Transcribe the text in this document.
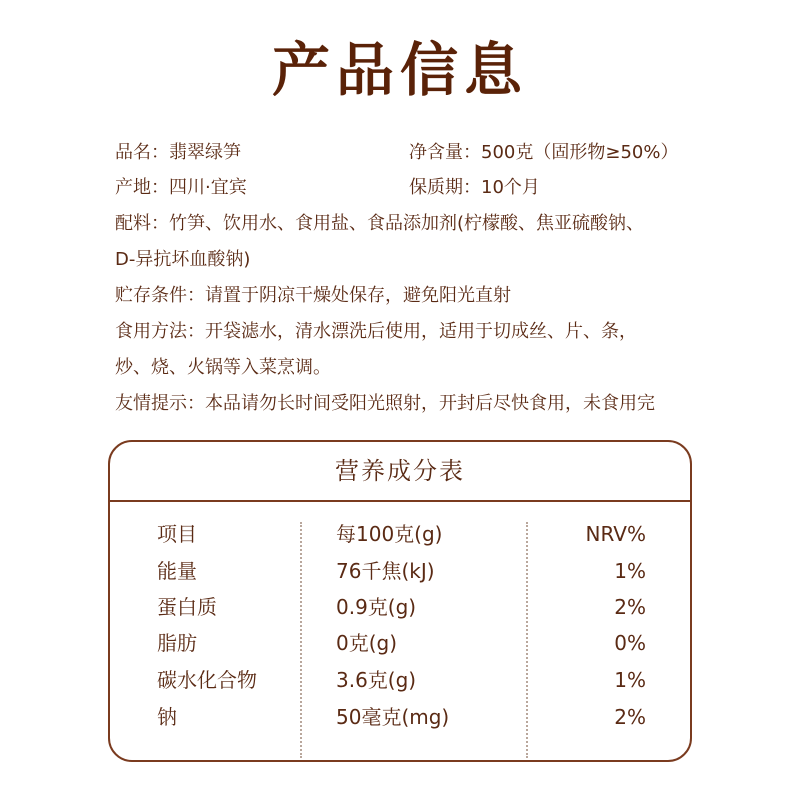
产品信息
品名：翡翠绿笋	净含量：500克（固形物≥50%）
产地：四川·宜宾	保质期：10个月
配料：竹笋、饮用水、食用盐、食品添加剂(柠檬酸、焦亚硫酸钠、
D-异抗坏血酸钠)
贮存条件：请置于阴凉干燥处保存，避免阳光直射
食用方法：开袋滤水，清水漂洗后使用，适用于切成丝、片、条，
炒、烧、火锅等入菜烹调。
友情提示：本品请勿长时间受阳光照射，开封后尽快食用，未食用完
营养成分表
项目	每100克(g)	NRV%
能量	76千焦(kJ)	1%
蛋白质	0.9克(g)	2%
脂肪	0克(g)	0%
碳水化合物	3.6克(g)	1%
钠	50毫克(mg)	2%
